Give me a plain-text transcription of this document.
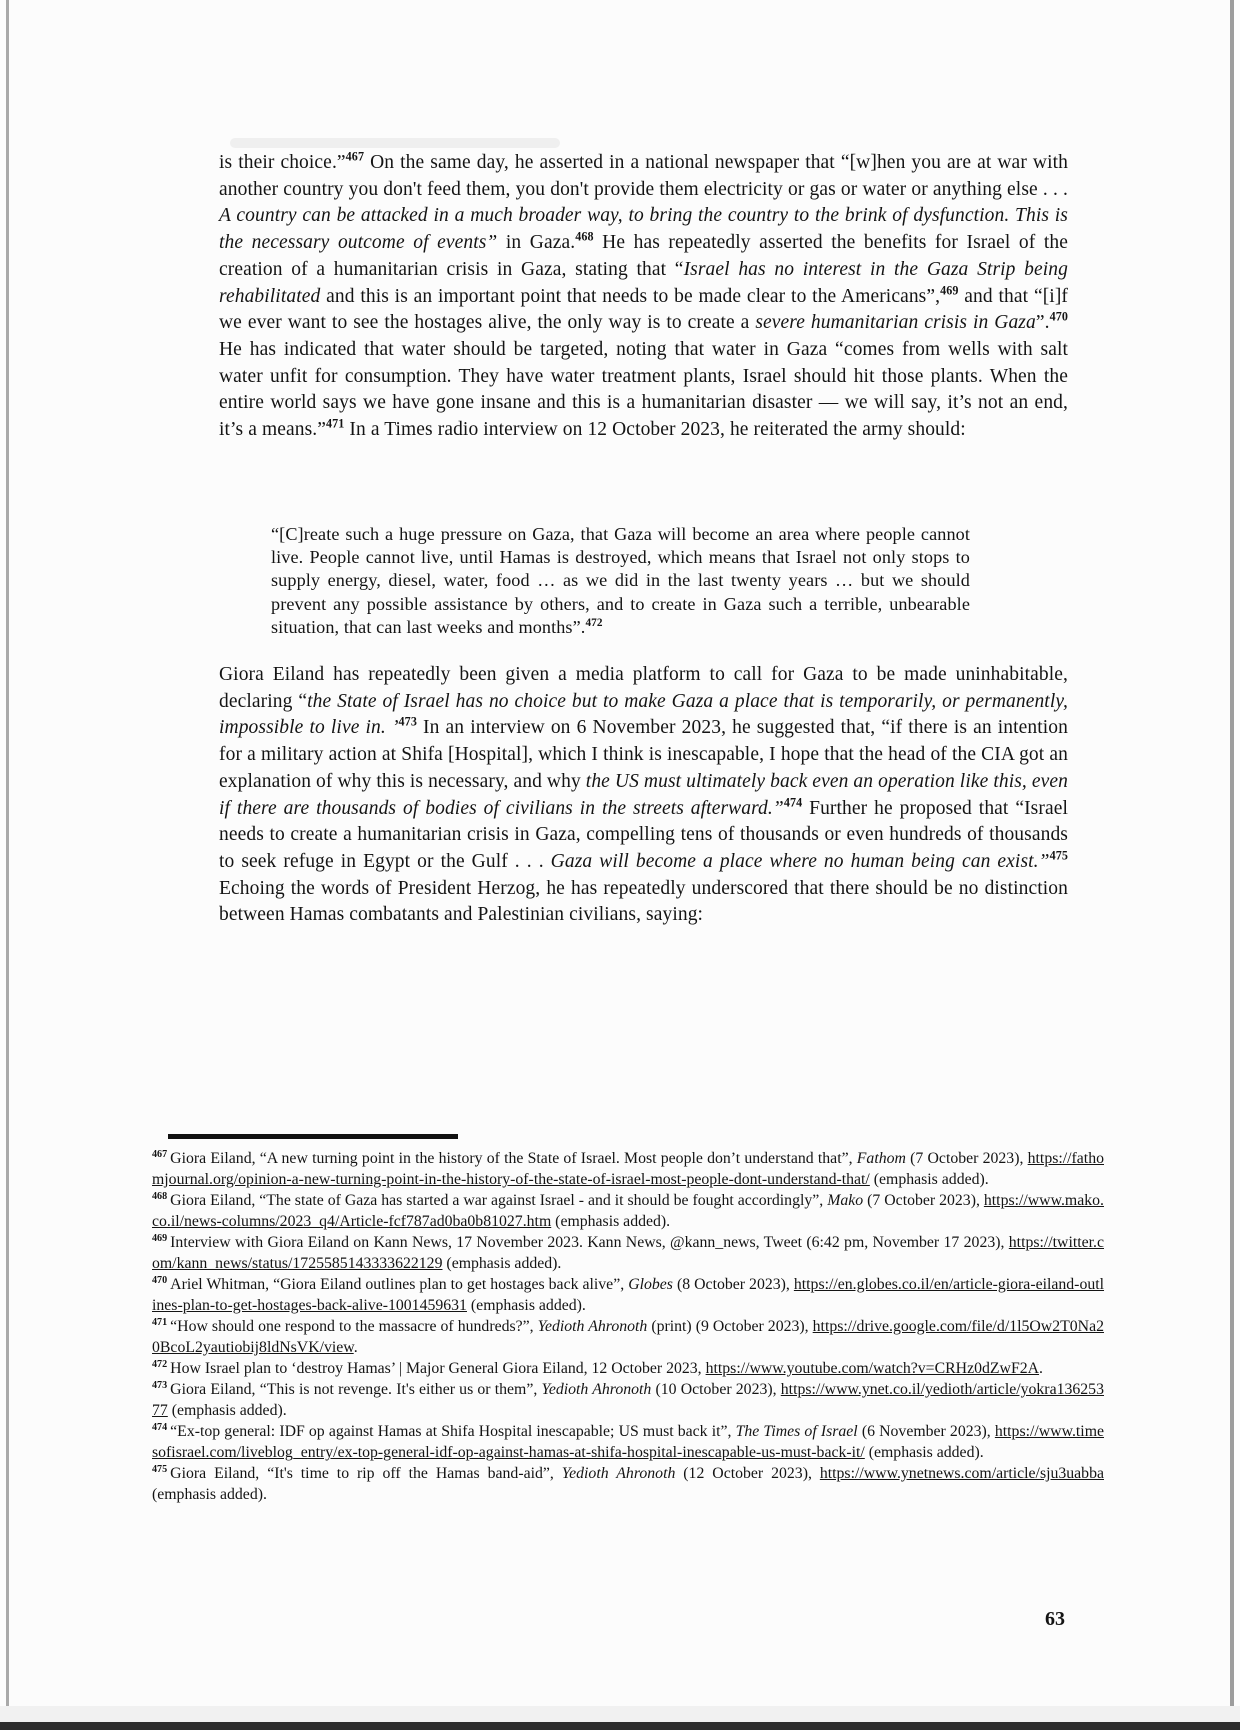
is their choice.”$^{467}$ On the same day, he asserted in a national newspaper that “[w]hen you are at war with another country you don't feed them, you don't provide them electricity or gas or water or anything else . . . A country can be attacked in a much broader way, to bring the country to the brink of dysfunction. This is the necessary outcome of events” in Gaza.$^{468}$ He has repeatedly asserted the benefits for Israel of the creation of a humanitarian crisis in Gaza, stating that “Israel has no interest in the Gaza Strip being rehabilitated and this is an important point that needs to be made clear to the Americans”,$^{469}$ and that “[i]f we ever want to see the hostages alive, the only way is to create a severe humanitarian crisis in Gaza”.$^{470}$ He has indicated that water should be targeted, noting that water in Gaza “comes from wells with salt water unfit for consumption. They have water treatment plants, Israel should hit those plants. When the entire world says we have gone insane and this is a humanitarian disaster — we will say, it’s not an end, it’s a means.”$^{471}$ In a Times radio interview on 12 October 2023, he reiterated the army should:
“[C]reate such a huge pressure on Gaza, that Gaza will become an area where people cannot live. People cannot live, until Hamas is destroyed, which means that Israel not only stops to supply energy, diesel, water, food … as we did in the last twenty years … but we should prevent any possible assistance by others, and to create in Gaza such a terrible, unbearable situation, that can last weeks and months”.$^{472}$
Giora Eiland has repeatedly been given a media platform to call for Gaza to be made uninhabitable, declaring “the State of Israel has no choice but to make Gaza a place that is temporarily, or permanently, impossible to live in. ’$^{473}$ In an interview on 6 November 2023, he suggested that, “if there is an intention for a military action at Shifa [Hospital], which I think is inescapable, I hope that the head of the CIA got an explanation of why this is necessary, and why the US must ultimately back even an operation like this, even if there are thousands of bodies of civilians in the streets afterward.”$^{474}$ Further he proposed that “Israel needs to create a humanitarian crisis in Gaza, compelling tens of thousands or even hundreds of thousands to seek refuge in Egypt or the Gulf . . . Gaza will become a place where no human being can exist.”$^{475}$ Echoing the words of President Herzog, he has repeatedly underscored that there should be no distinction between Hamas combatants and Palestinian civilians, saying:
$^{467}$ Giora Eiland, “A new turning point in the history of the State of Israel. Most people don’t understand that”, Fathom (7 October 2023), https://fathomjournal.org/opinion-a-new-turning-point-in-the-history-of-the-state-of-israel-most-people-dont-understand-that/ (emphasis added).
$^{468}$ Giora Eiland, “The state of Gaza has started a war against Israel - and it should be fought accordingly”, Mako (7 October 2023), https://www.mako.co.il/news-columns/2023_q4/Article-fcf787ad0ba0b81027.htm (emphasis added).
$^{469}$ Interview with Giora Eiland on Kann News, 17 November 2023. Kann News, @kann_news, Tweet (6:42 pm, November 17 2023), https://twitter.com/kann_news/status/1725585143333622129 (emphasis added).
$^{470}$ Ariel Whitman, “Giora Eiland outlines plan to get hostages back alive”, Globes (8 October 2023), https://en.globes.co.il/en/article-giora-eiland-outlines-plan-to-get-hostages-back-alive-1001459631 (emphasis added).
$^{471}$ “How should one respond to the massacre of hundreds?”, Yedioth Ahronoth (print) (9 October 2023), https://drive.google.com/file/d/1l5Ow2T0Na20BcoL2yautiobij8ldNsVK/view.
$^{472}$ How Israel plan to ‘destroy Hamas’ | Major General Giora Eiland, 12 October 2023, https://www.youtube.com/watch?v=CRHz0dZwF2A.
$^{473}$ Giora Eiland, “This is not revenge. It's either us or them”, Yedioth Ahronoth (10 October 2023), https://www.ynet.co.il/yedioth/article/yokra13625377 (emphasis added).
$^{474}$ “Ex-top general: IDF op against Hamas at Shifa Hospital inescapable; US must back it”, The Times of Israel (6 November 2023), https://www.timesofisrael.com/liveblog_entry/ex-top-general-idf-op-against-hamas-at-shifa-hospital-inescapable-us-must-back-it/ (emphasis added).
$^{475}$ Giora Eiland, “It's time to rip off the Hamas band-aid”, Yedioth Ahronoth (12 October 2023), https://www.ynetnews.com/article/sju3uabba (emphasis added).
63
